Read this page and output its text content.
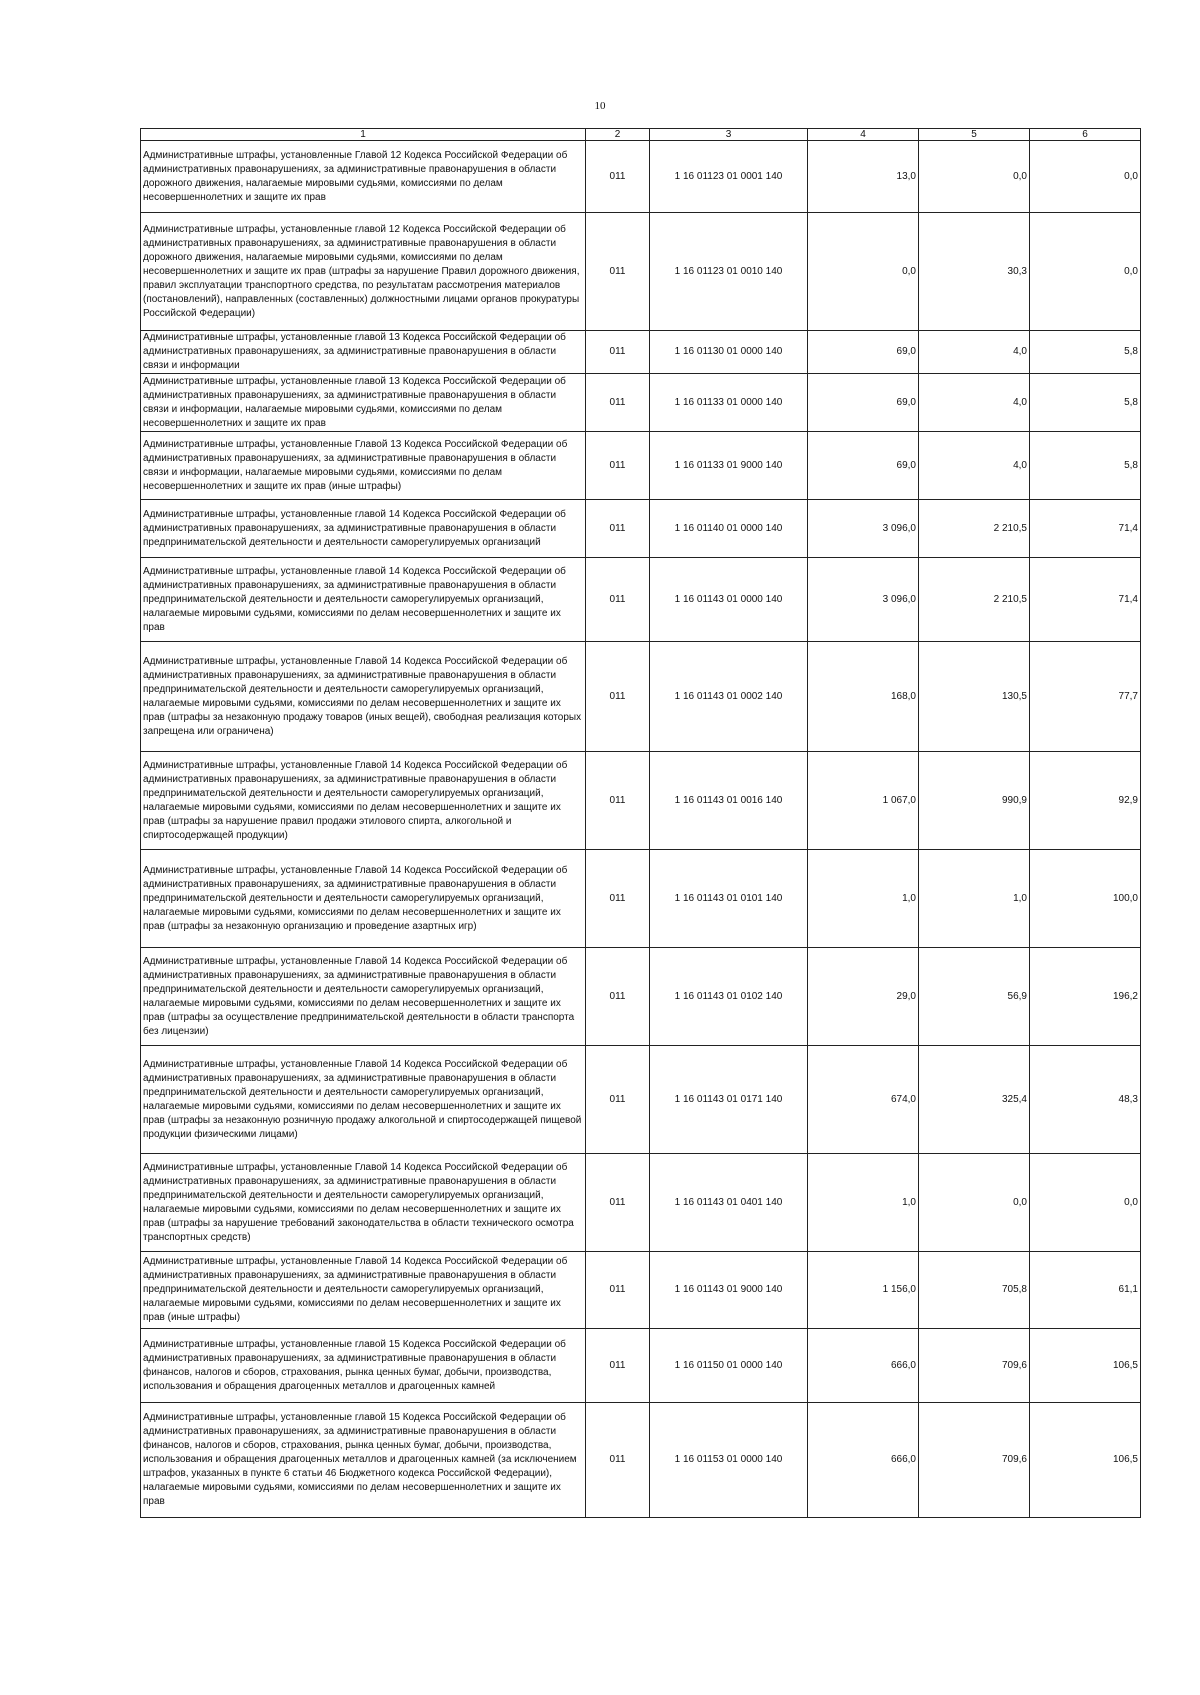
10
1	2	3	4	5	6
Административные штрафы, установленные Главой 12 Кодекса Российской Федерации об административных правонарушениях, за административные правонарушения в области дорожного движения, налагаемые мировыми судьями, комиссиями по делам несовершеннолетних и защите их прав	011	1 16 01123 01 0001 140	13,0	0,0	0,0
Административные штрафы, установленные главой 12 Кодекса Российской Федерации об административных правонарушениях, за административные правонарушения в области дорожного движения, налагаемые мировыми судьями, комиссиями по делам несовершеннолетних и защите их прав (штрафы за нарушение Правил дорожного движения, правил эксплуатации транспортного средства, по результатам рассмотрения материалов (постановлений), направленных (составленных) должностными лицами органов прокуратуры Российской Федерации)	011	1 16 01123 01 0010 140	0,0	30,3	0,0
Административные штрафы, установленные главой 13 Кодекса Российской Федерации об административных правонарушениях, за административные правонарушения в области связи и информации	011	1 16 01130 01 0000 140	69,0	4,0	5,8
Административные штрафы, установленные главой 13 Кодекса Российской Федерации об административных правонарушениях, за административные правонарушения в области связи и информации, налагаемые мировыми судьями, комиссиями по делам несовершеннолетних и защите их прав	011	1 16 01133 01 0000 140	69,0	4,0	5,8
Административные штрафы, установленные Главой 13 Кодекса Российской Федерации об административных правонарушениях, за административные правонарушения в области связи и информации, налагаемые мировыми судьями, комиссиями по делам несовершеннолетних и защите их прав (иные штрафы)	011	1 16 01133 01 9000 140	69,0	4,0	5,8
Административные штрафы, установленные главой 14 Кодекса Российской Федерации об административных правонарушениях, за административные правонарушения в области предпринимательской деятельности и деятельности саморегулируемых организаций	011	1 16 01140 01 0000 140	3 096,0	2 210,5	71,4
Административные штрафы, установленные главой 14 Кодекса Российской Федерации об административных правонарушениях, за административные правонарушения в области предпринимательской деятельности и деятельности саморегулируемых организаций, налагаемые мировыми судьями, комиссиями по делам несовершеннолетних и защите их прав	011	1 16 01143 01 0000 140	3 096,0	2 210,5	71,4
Административные штрафы, установленные Главой 14 Кодекса Российской Федерации об административных правонарушениях, за административные правонарушения в области предпринимательской деятельности и деятельности саморегулируемых организаций, налагаемые мировыми судьями, комиссиями по делам несовершеннолетних и защите их прав (штрафы за незаконную продажу товаров (иных вещей), свободная реализация которых запрещена или ограничена)	011	1 16 01143 01 0002 140	168,0	130,5	77,7
Административные штрафы, установленные Главой 14 Кодекса Российской Федерации об административных правонарушениях, за административные правонарушения в области предпринимательской деятельности и деятельности саморегулируемых организаций, налагаемые мировыми судьями, комиссиями по делам несовершеннолетних и защите их прав (штрафы за нарушение правил продажи этилового спирта, алкогольной и спиртосодержащей продукции)	011	1 16 01143 01 0016 140	1 067,0	990,9	92,9
Административные штрафы, установленные Главой 14 Кодекса Российской Федерации об административных правонарушениях, за административные правонарушения в области предпринимательской деятельности и деятельности саморегулируемых организаций, налагаемые мировыми судьями, комиссиями по делам несовершеннолетних и защите их прав (штрафы за незаконную организацию и проведение азартных игр)	011	1 16 01143 01 0101 140	1,0	1,0	100,0
Административные штрафы, установленные Главой 14 Кодекса Российской Федерации об административных правонарушениях, за административные правонарушения в области предпринимательской деятельности и деятельности саморегулируемых организаций, налагаемые мировыми судьями, комиссиями по делам несовершеннолетних и защите их прав (штрафы за осуществление предпринимательской деятельности в области транспорта без лицензии)	011	1 16 01143 01 0102 140	29,0	56,9	196,2
Административные штрафы, установленные Главой 14 Кодекса Российской Федерации об административных правонарушениях, за административные правонарушения в области предпринимательской деятельности и деятельности саморегулируемых организаций, налагаемые мировыми судьями, комиссиями по делам несовершеннолетних и защите их прав (штрафы за незаконную розничную продажу алкогольной и спиртосодержащей пищевой продукции физическими лицами)	011	1 16 01143 01 0171 140	674,0	325,4	48,3
Административные штрафы, установленные Главой 14 Кодекса Российской Федерации об административных правонарушениях, за административные правонарушения в области предпринимательской деятельности и деятельности саморегулируемых организаций, налагаемые мировыми судьями, комиссиями по делам несовершеннолетних и защите их прав (штрафы за нарушение требований законодательства в области технического осмотра транспортных средств)	011	1 16 01143 01 0401 140	1,0	0,0	0,0
Административные штрафы, установленные Главой 14 Кодекса Российской Федерации об административных правонарушениях, за административные правонарушения в области предпринимательской деятельности и деятельности саморегулируемых организаций, налагаемые мировыми судьями, комиссиями по делам несовершеннолетних и защите их прав (иные штрафы)	011	1 16 01143 01 9000 140	1 156,0	705,8	61,1
Административные штрафы, установленные главой 15 Кодекса Российской Федерации об административных правонарушениях, за административные правонарушения в области финансов, налогов и сборов, страхования, рынка ценных бумаг, добычи, производства, использования и обращения драгоценных металлов и драгоценных камней	011	1 16 01150 01 0000 140	666,0	709,6	106,5
Административные штрафы, установленные главой 15 Кодекса Российской Федерации об административных правонарушениях, за административные правонарушения в области финансов, налогов и сборов, страхования, рынка ценных бумаг, добычи, производства, использования и обращения драгоценных металлов и драгоценных камней (за исключением штрафов, указанных в пункте 6 статьи 46 Бюджетного кодекса Российской Федерации), налагаемые мировыми судьями, комиссиями по делам несовершеннолетних и защите их прав	011	1 16 01153 01 0000 140	666,0	709,6	106,5
